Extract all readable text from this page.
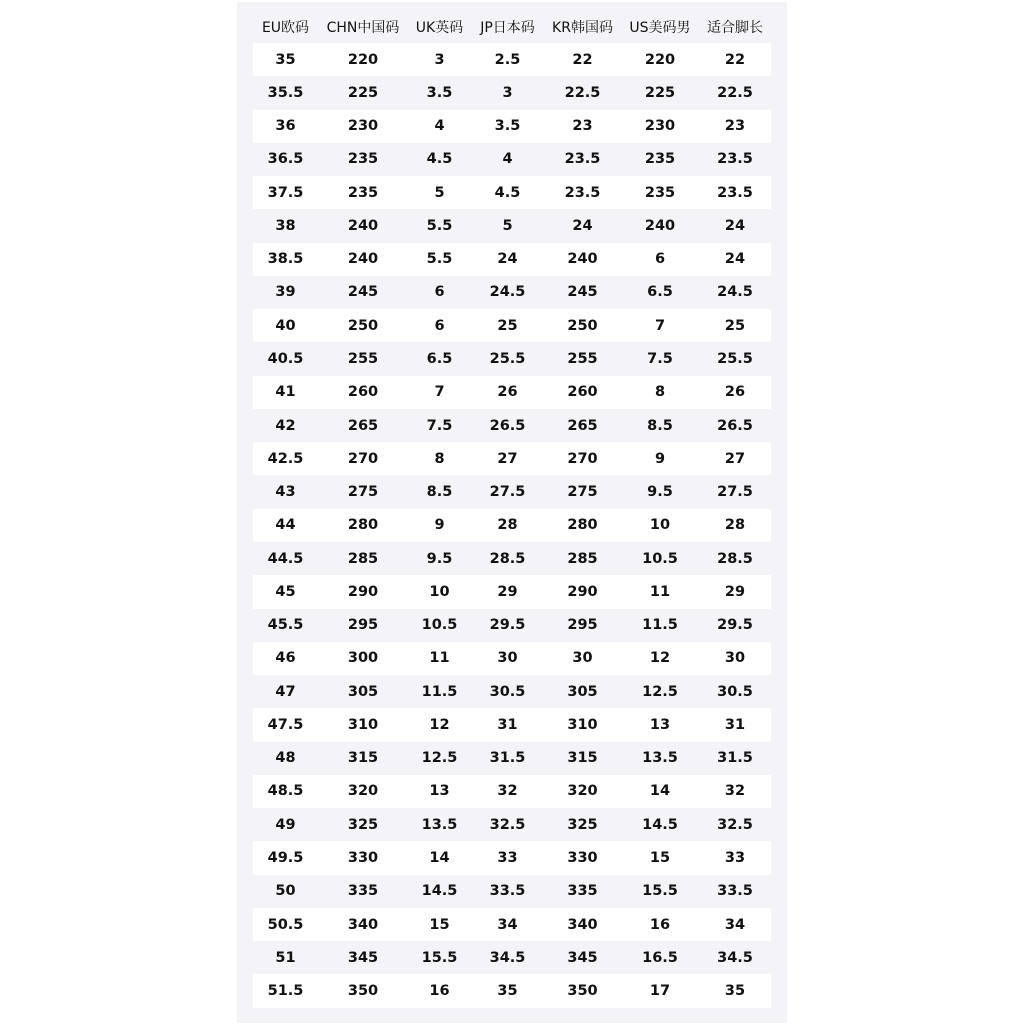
EU欧码	CHN中国码	UK英码	JP日本码	KR韩国码	US美码男	适合脚长
35	220	3	2.5	22	220	22
35.5	225	3.5	3	22.5	225	22.5
36	230	4	3.5	23	230	23
36.5	235	4.5	4	23.5	235	23.5
37.5	235	5	4.5	23.5	235	23.5
38	240	5.5	5	24	240	24
38.5	240	5.5	24	240	6	24
39	245	6	24.5	245	6.5	24.5
40	250	6	25	250	7	25
40.5	255	6.5	25.5	255	7.5	25.5
41	260	7	26	260	8	26
42	265	7.5	26.5	265	8.5	26.5
42.5	270	8	27	270	9	27
43	275	8.5	27.5	275	9.5	27.5
44	280	9	28	280	10	28
44.5	285	9.5	28.5	285	10.5	28.5
45	290	10	29	290	11	29
45.5	295	10.5	29.5	295	11.5	29.5
46	300	11	30	30	12	30
47	305	11.5	30.5	305	12.5	30.5
47.5	310	12	31	310	13	31
48	315	12.5	31.5	315	13.5	31.5
48.5	320	13	32	320	14	32
49	325	13.5	32.5	325	14.5	32.5
49.5	330	14	33	330	15	33
50	335	14.5	33.5	335	15.5	33.5
50.5	340	15	34	340	16	34
51	345	15.5	34.5	345	16.5	34.5
51.5	350	16	35	350	17	35
